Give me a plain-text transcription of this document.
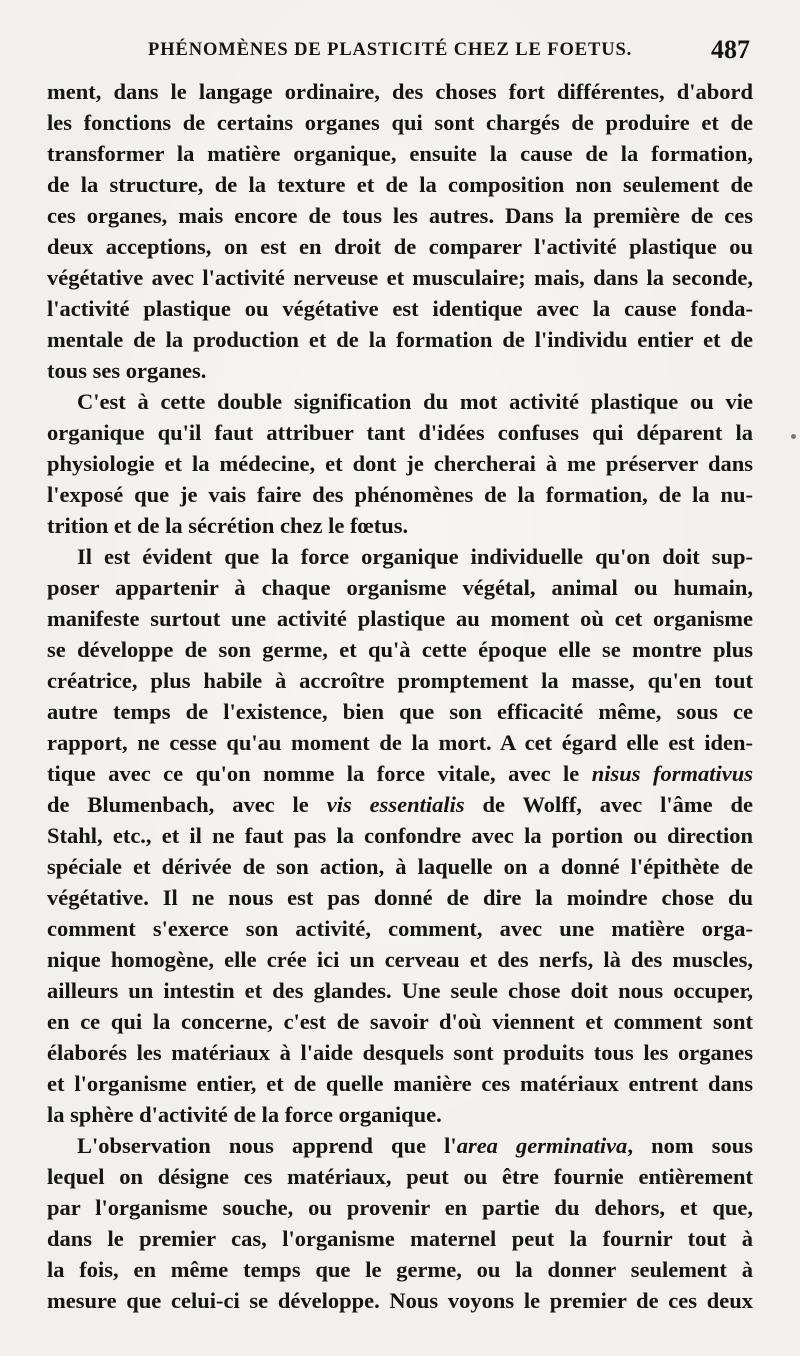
PHÉNOMÈNES DE PLASTICITÉ CHEZ LE FOETUS.	487
ment, dans le langage ordinaire, des choses fort différentes, d'abord
les fonctions de certains organes qui sont chargés de produire et de
transformer la matière organique, ensuite la cause de la formation,
de la structure, de la texture et de la composition non seulement de
ces organes, mais encore de tous les autres. Dans la première de ces
deux acceptions, on est en droit de comparer l'activité plastique ou
végétative avec l'activité nerveuse et musculaire; mais, dans la seconde,
l'activité plastique ou végétative est identique avec la cause fonda-
mentale de la production et de la formation de l'individu entier et de
tous ses organes.
C'est à cette double signification du mot activité plastique ou vie
organique qu'il faut attribuer tant d'idées confuses qui déparent la
physiologie et la médecine, et dont je chercherai à me préserver dans
l'exposé que je vais faire des phénomènes de la formation, de la nu-
trition et de la sécrétion chez le fœtus.
Il est évident que la force organique individuelle qu'on doit sup-
poser appartenir à chaque organisme végétal, animal ou humain,
manifeste surtout une activité plastique au moment où cet organisme
se développe de son germe, et qu'à cette époque elle se montre plus
créatrice, plus habile à accroître promptement la masse, qu'en tout
autre temps de l'existence, bien que son efficacité même, sous ce
rapport, ne cesse qu'au moment de la mort. A cet égard elle est iden-
tique avec ce qu'on nomme la force vitale, avec le nisus formativus
de Blumenbach, avec le vis essentialis de Wolff, avec l'âme de
Stahl, etc., et il ne faut pas la confondre avec la portion ou direction
spéciale et dérivée de son action, à laquelle on a donné l'épithète de
végétative. Il ne nous est pas donné de dire la moindre chose du
comment s'exerce son activité, comment, avec une matière orga-
nique homogène, elle crée ici un cerveau et des nerfs, là des muscles,
ailleurs un intestin et des glandes. Une seule chose doit nous occuper,
en ce qui la concerne, c'est de savoir d'où viennent et comment sont
élaborés les matériaux à l'aide desquels sont produits tous les organes
et l'organisme entier, et de quelle manière ces matériaux entrent dans
la sphère d'activité de la force organique.
L'observation nous apprend que l'area germinativa, nom sous
lequel on désigne ces matériaux, peut ou être fournie entièrement
par l'organisme souche, ou provenir en partie du dehors, et que,
dans le premier cas, l'organisme maternel peut la fournir tout à
la fois, en même temps que le germe, ou la donner seulement à
mesure que celui-ci se développe. Nous voyons le premier de ces deux
